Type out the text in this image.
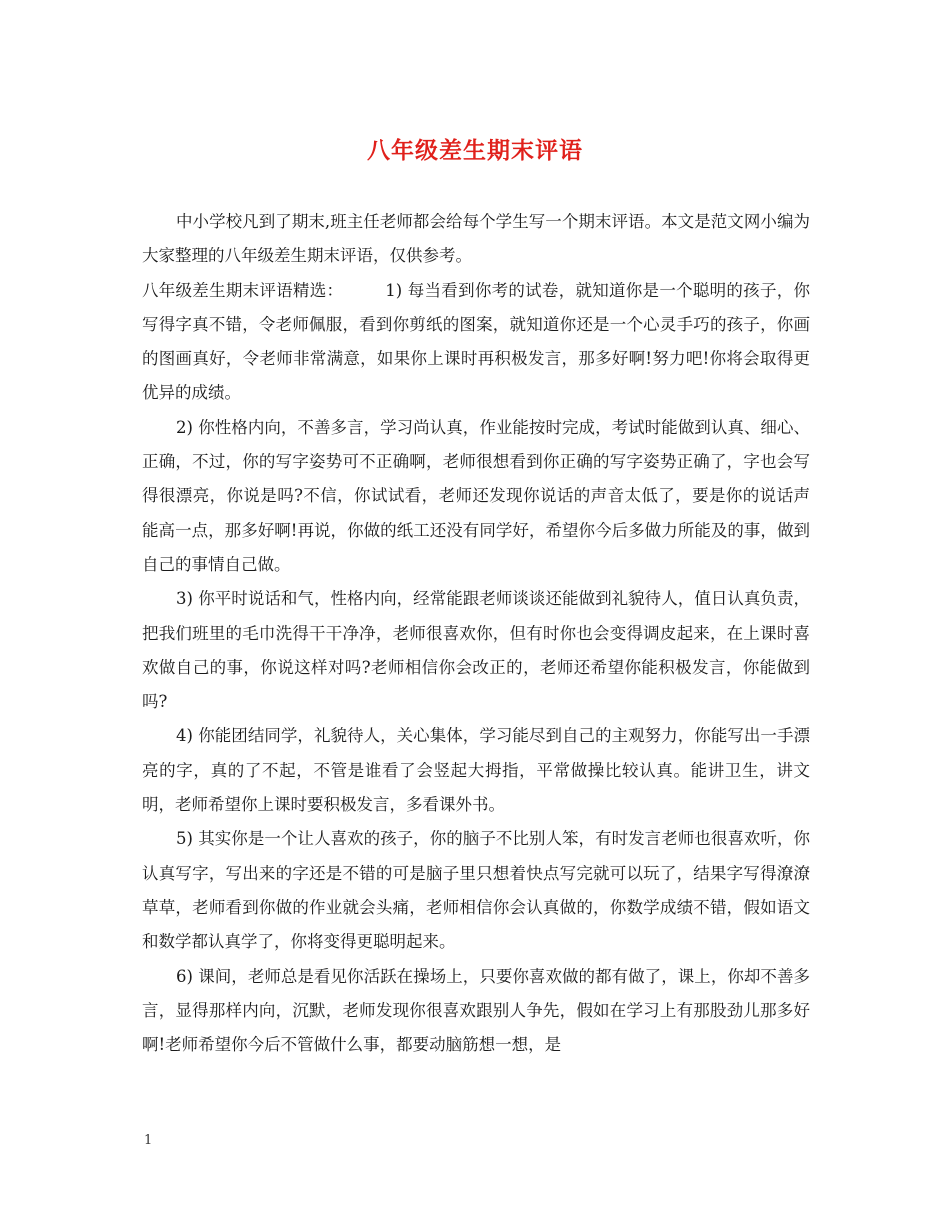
八年级差生期末评语

中小学校凡到了期末,班主任老师都会给每个学生写一个期末评语。本文是范文网小编为大家整理的八年级差生期末评语，仅供参考。

八年级差生期末评语精选：　　　1) 每当看到你考的试卷，就知道你是一个聪明的孩子，你写得字真不错，令老师佩服，看到你剪纸的图案，就知道你还是一个心灵手巧的孩子，你画的图画真好，令老师非常满意，如果你上课时再积极发言，那多好啊!努力吧!你将会取得更优异的成绩。

2) 你性格内向，不善多言，学习尚认真，作业能按时完成，考试时能做到认真、细心、正确，不过，你的写字姿势可不正确啊，老师很想看到你正确的写字姿势正确了，字也会写得很漂亮，你说是吗?不信，你试试看，老师还发现你说话的声音太低了，要是你的说话声能高一点，那多好啊!再说，你做的纸工还没有同学好，希望你今后多做力所能及的事，做到自己的事情自己做。

3) 你平时说话和气，性格内向，经常能跟老师谈谈还能做到礼貌待人，值日认真负责，把我们班里的毛巾洗得干干净净，老师很喜欢你，但有时你也会变得调皮起来，在上课时喜欢做自己的事，你说这样对吗?老师相信你会改正的，老师还希望你能积极发言，你能做到吗?

4) 你能团结同学，礼貌待人，关心集体，学习能尽到自己的主观努力，你能写出一手漂亮的字，真的了不起，不管是谁看了会竖起大拇指，平常做操比较认真。能讲卫生，讲文明，老师希望你上课时要积极发言，多看课外书。

5) 其实你是一个让人喜欢的孩子，你的脑子不比别人笨，有时发言老师也很喜欢听，你认真写字，写出来的字还是不错的可是脑子里只想着快点写完就可以玩了，结果字写得潦潦草草，老师看到你做的作业就会头痛，老师相信你会认真做的，你数学成绩不错，假如语文和数学都认真学了，你将变得更聪明起来。

6) 课间，老师总是看见你活跃在操场上，只要你喜欢做的都有做了，课上，你却不善多言，显得那样内向，沉默，老师发现你很喜欢跟别人争先，假如在学习上有那股劲儿那多好啊!老师希望你今后不管做什么事，都要动脑筋想一想，是

1
